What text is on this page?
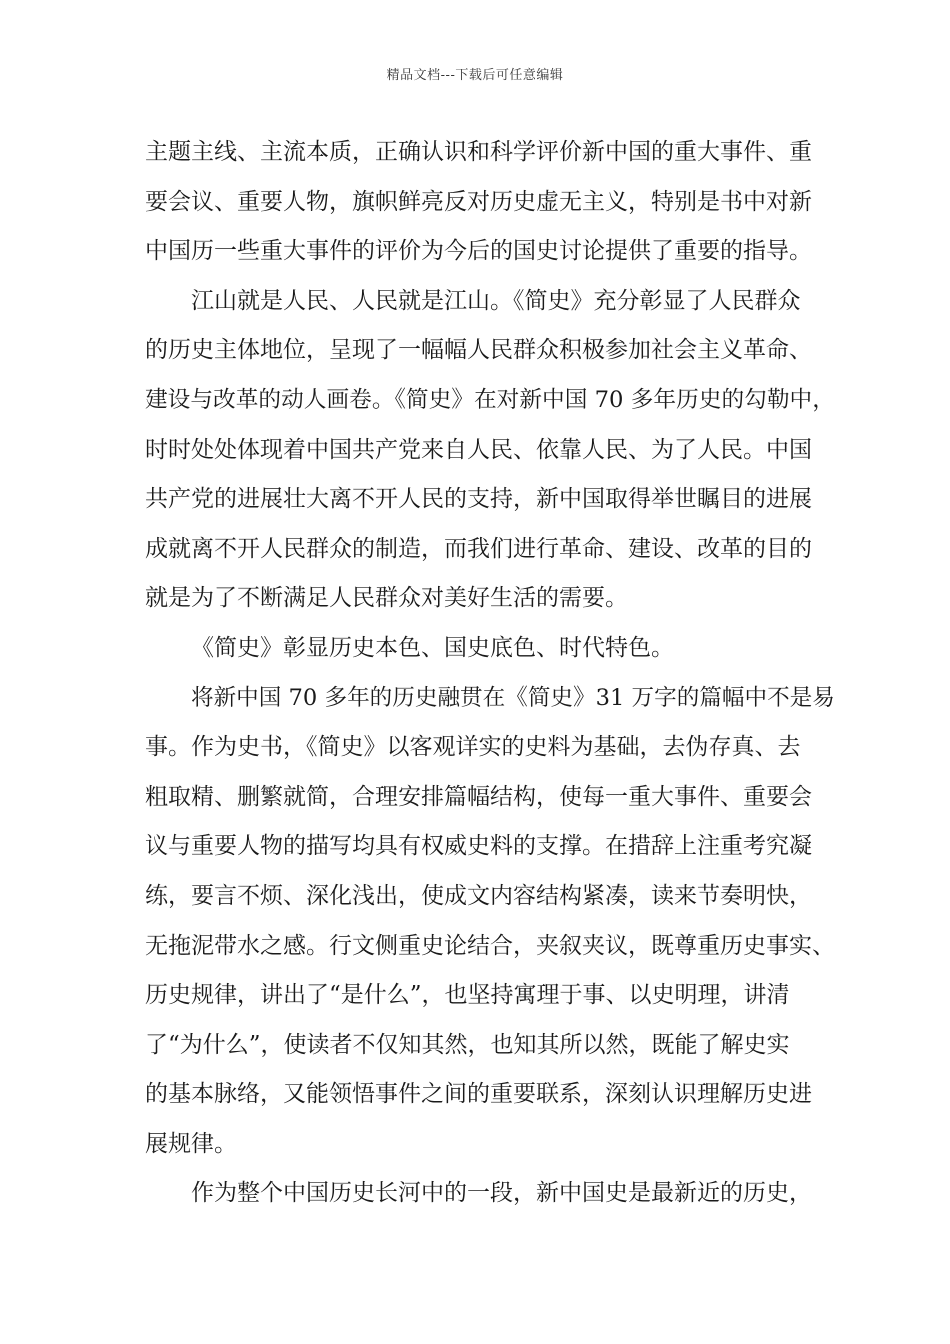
精品文档---下载后可任意编辑
主题主线、主流本质，正确认识和科学评价新中国的重大事件、重
要会议、重要人物，旗帜鲜亮反对历史虚无主义，特别是书中对新
中国历一些重大事件的评价为今后的国史讨论提供了重要的指导。
江山就是人民、人民就是江山。《简史》充分彰显了人民群众
的历史主体地位，呈现了一幅幅人民群众积极参加社会主义革命、
建设与改革的动人画卷。《简史》在对新中国 70 多年历史的勾勒中，
时时处处体现着中国共产党来自人民、依靠人民、为了人民。中国
共产党的进展壮大离不开人民的支持，新中国取得举世瞩目的进展
成就离不开人民群众的制造，而我们进行革命、建设、改革的目的
就是为了不断满足人民群众对美好生活的需要。
《简史》彰显历史本色、国史底色、时代特色。
将新中国 70 多年的历史融贯在《简史》31 万字的篇幅中不是易
事。作为史书，《简史》以客观详实的史料为基础，去伪存真、去
粗取精、删繁就简，合理安排篇幅结构，使每一重大事件、重要会
议与重要人物的描写均具有权威史料的支撑。在措辞上注重考究凝
练，要言不烦、深化浅出，使成文内容结构紧凑，读来节奏明快，
无拖泥带水之感。行文侧重史论结合，夹叙夹议，既尊重历史事实、
历史规律，讲出了“是什么”，也坚持寓理于事、以史明理，讲清
了“为什么”，使读者不仅知其然，也知其所以然，既能了解史实
的基本脉络，又能领悟事件之间的重要联系，深刻认识理解历史进
展规律。
作为整个中国历史长河中的一段，新中国史是最新近的历史，
